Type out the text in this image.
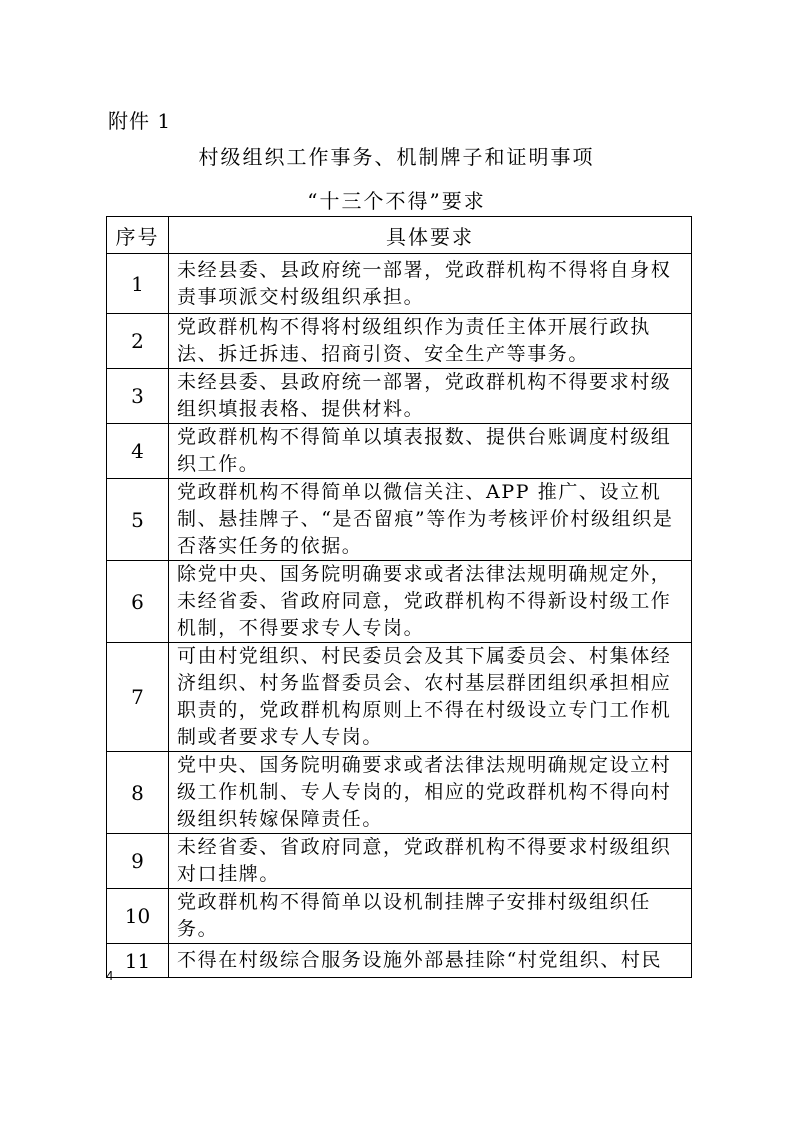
附件 1
村级组织工作事务、机制牌子和证明事项
“十三个不得”要求
序号	具体要求
1	未经县委、县政府统一部署，党政群机构不得将自身权责事项派交村级组织承担。
2	党政群机构不得将村级组织作为责任主体开展行政执法、拆迁拆违、招商引资、安全生产等事务。
3	未经县委、县政府统一部署，党政群机构不得要求村级组织填报表格、提供材料。
4	党政群机构不得简单以填表报数、提供台账调度村级组织工作。
5	党政群机构不得简单以微信关注、APP 推广、设立机制、悬挂牌子、“是否留痕”等作为考核评价村级组织是否落实任务的依据。
6	除党中央、国务院明确要求或者法律法规明确规定外，未经省委、省政府同意，党政群机构不得新设村级工作机制，不得要求专人专岗。
7	可由村党组织、村民委员会及其下属委员会、村集体经济组织、村务监督委员会、农村基层群团组织承担相应职责的，党政群机构原则上不得在村级设立专门工作机制或者要求专人专岗。
8	党中央、国务院明确要求或者法律法规明确规定设立村级工作机制、专人专岗的，相应的党政群机构不得向村级组织转嫁保障责任。
9	未经省委、省政府同意，党政群机构不得要求村级组织对口挂牌。
10	党政群机构不得简单以设机制挂牌子安排村级组织任务。
11	不得在村级综合服务设施外部悬挂除“村党组织、村民
4
